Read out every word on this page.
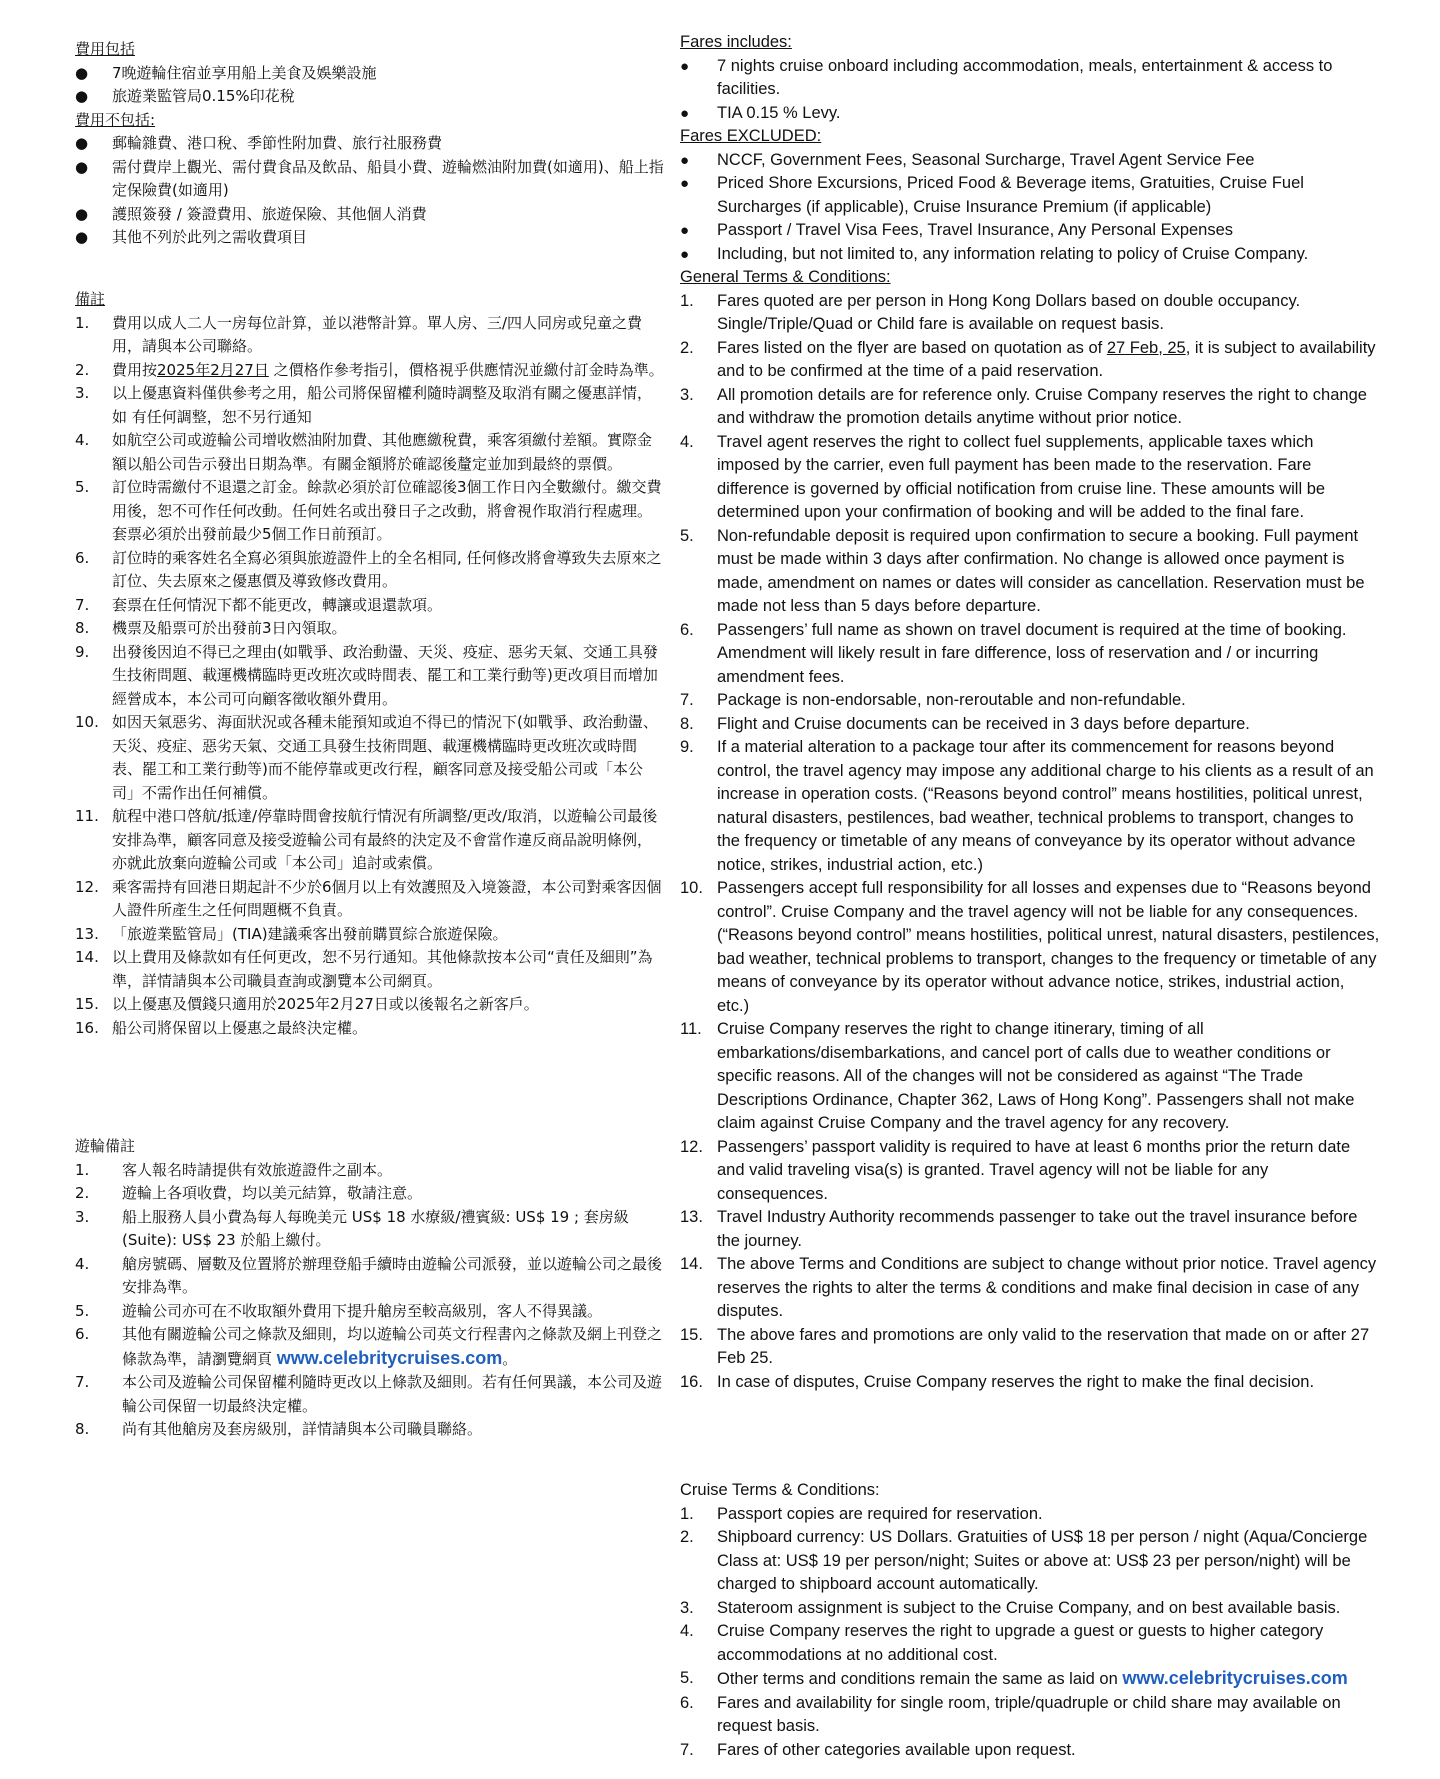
費用包括
● 7晚遊輪住宿並享用船上美食及娛樂設施
● 旅遊業監管局0.15%印花稅
費用不包括:
● 郵輪雜費、港口稅、季節性附加費、旅行社服務費
● 需付費岸上觀光、需付費食品及飲品、船員小費、遊輪燃油附加費(如適用)、船上指定保險費(如適用)
● 護照簽發 / 簽證費用、旅遊保險、其他個人消費
● 其他不列於此列之需收費項目
備註
1. 費用以成人二人一房每位計算，並以港幣計算。單人房、三/四人同房或兒童之費用，請與本公司聯絡。
2. 費用按2025年2月27日 之價格作參考指引，價格視乎供應情況並繳付訂金時為準。
3. 以上優惠資料僅供參考之用，船公司將保留權利隨時調整及取消有關之優惠詳情，如 有任何調整，恕不另行通知
4. 如航空公司或遊輪公司增收燃油附加費、其他應繳稅費，乘客須繳付差額。實際金額以船公司告示發出日期為準。有關金額將於確認後釐定並加到最終的票價。
5. 訂位時需繳付不退還之訂金。餘款必須於訂位確認後3個工作日內全數繳付。繳交費用後，恕不可作任何改動。任何姓名或出發日子之改動，將會視作取消行程處理。套票必須於出發前最少5個工作日前預訂。
6. 訂位時的乘客姓名全寫必須與旅遊證件上的全名相同, 任何修改將會導致失去原來之訂位、失去原來之優惠價及導致修改費用。
7. 套票在任何情況下都不能更改，轉讓或退還款項。
8. 機票及船票可於出發前3日內領取。
9. 出發後因迫不得已之理由(如戰爭、政治動盪、天災、疫症、惡劣天氣、交通工具發生技術問題、載運機構臨時更改班次或時間表、罷工和工業行動等)更改項目而增加經營成本，本公司可向顧客徵收額外費用。
10. 如因天氣惡劣、海面狀況或各種未能預知或迫不得已的情況下(如戰爭、政治動盪、天災、疫症、惡劣天氣、交通工具發生技術問題、載運機構臨時更改班次或時間表、罷工和工業行動等)而不能停靠或更改行程，顧客同意及接受船公司或「本公司」不需作出任何補償。
11. 航程中港口啓航/抵達/停靠時間會按航行情況有所調整/更改/取消，以遊輪公司最後安排為準，顧客同意及接受遊輪公司有最終的決定及不會當作違反商品說明條例，亦就此放棄向遊輪公司或「本公司」追討或索償。
12. 乘客需持有回港日期起計不少於6個月以上有效護照及入境簽證，本公司對乘客因個人證件所產生之任何問題概不負責。
13. 「旅遊業監管局」(TIA)建議乘客出發前購買綜合旅遊保險。
14. 以上費用及條款如有任何更改，恕不另行通知。其他條款按本公司“責任及細則”為準，詳情請與本公司職員查詢或瀏覽本公司網頁。
15. 以上優惠及價錢只適用於2025年2月27日或以後報名之新客戶。
16. 船公司將保留以上優惠之最終決定權。
遊輪備註
1. 客人報名時請提供有效旅遊證件之副本。
2. 遊輪上各項收費，均以美元結算，敬請注意。
3. 船上服務人員小費為每人每晚美元 US$ 18 水療級/禮賓級: US$ 19 ; 套房級(Suite): US$ 23 於船上繳付。
4. 艙房號碼、層數及位置將於辦理登船手續時由遊輪公司派發，並以遊輪公司之最後安排為準。
5. 遊輪公司亦可在不收取額外費用下提升艙房至較高級別，客人不得異議。
6. 其他有關遊輪公司之條款及細則，均以遊輪公司英文行程書內之條款及網上刊登之條款為準，請瀏覽網頁 www.celebritycruises.com。
7. 本公司及遊輪公司保留權利隨時更改以上條款及細則。若有任何異議，本公司及遊輪公司保留一切最終決定權。
8. 尚有其他艙房及套房級別，詳情請與本公司職員聯絡。
Fares includes:
● 7 nights cruise onboard including accommodation, meals, entertainment & access to facilities.
● TIA 0.15 % Levy.
Fares EXCLUDED:
● NCCF, Government Fees, Seasonal Surcharge, Travel Agent Service Fee
● Priced Shore Excursions, Priced Food & Beverage items, Gratuities, Cruise Fuel Surcharges (if applicable), Cruise Insurance Premium (if applicable)
● Passport / Travel Visa Fees, Travel Insurance, Any Personal Expenses
● Including, but not limited to, any information relating to policy of Cruise Company.
General Terms & Conditions:
1. Fares quoted are per person in Hong Kong Dollars based on double occupancy. Single/Triple/Quad or Child fare is available on request basis.
2. Fares listed on the flyer are based on quotation as of 27 Feb, 25, it is subject to availability and to be confirmed at the time of a paid reservation.
3. All promotion details are for reference only. Cruise Company reserves the right to change and withdraw the promotion details anytime without prior notice.
4. Travel agent reserves the right to collect fuel supplements, applicable taxes which imposed by the carrier, even full payment has been made to the reservation. Fare difference is governed by official notification from cruise line. These amounts will be determined upon your confirmation of booking and will be added to the final fare.
5. Non-refundable deposit is required upon confirmation to secure a booking. Full payment must be made within 3 days after confirmation. No change is allowed once payment is made, amendment on names or dates will consider as cancellation. Reservation must be made not less than 5 days before departure.
6. Passengers’ full name as shown on travel document is required at the time of booking. Amendment will likely result in fare difference, loss of reservation and / or incurring amendment fees.
7. Package is non-endorsable, non-reroutable and non-refundable.
8. Flight and Cruise documents can be received in 3 days before departure.
9. If a material alteration to a package tour after its commencement for reasons beyond control, the travel agency may impose any additional charge to his clients as a result of an increase in operation costs. (“Reasons beyond control” means hostilities, political unrest, natural disasters, pestilences, bad weather, technical problems to transport, changes to the frequency or timetable of any means of conveyance by its operator without advance notice, strikes, industrial action, etc.)
10. Passengers accept full responsibility for all losses and expenses due to “Reasons beyond control”. Cruise Company and the travel agency will not be liable for any consequences. (“Reasons beyond control” means hostilities, political unrest, natural disasters, pestilences, bad weather, technical problems to transport, changes to the frequency or timetable of any means of conveyance by its operator without advance notice, strikes, industrial action, etc.)
11. Cruise Company reserves the right to change itinerary, timing of all embarkations/disembarkations, and cancel port of calls due to weather conditions or specific reasons. All of the changes will not be considered as against “The Trade Descriptions Ordinance, Chapter 362, Laws of Hong Kong”. Passengers shall not make claim against Cruise Company and the travel agency for any recovery.
12. Passengers’ passport validity is required to have at least 6 months prior the return date and valid traveling visa(s) is granted. Travel agency will not be liable for any consequences.
13. Travel Industry Authority recommends passenger to take out the travel insurance before the journey.
14. The above Terms and Conditions are subject to change without prior notice. Travel agency reserves the rights to alter the terms & conditions and make final decision in case of any disputes.
15. The above fares and promotions are only valid to the reservation that made on or after 27 Feb 25.
16. In case of disputes, Cruise Company reserves the right to make the final decision.
Cruise Terms & Conditions:
1. Passport copies are required for reservation.
2. Shipboard currency: US Dollars. Gratuities of US$ 18 per person / night (Aqua/Concierge Class at: US$ 19 per person/night; Suites or above at: US$ 23 per person/night) will be charged to shipboard account automatically.
3. Stateroom assignment is subject to the Cruise Company, and on best available basis.
4. Cruise Company reserves the right to upgrade a guest or guests to higher category accommodations at no additional cost.
5. Other terms and conditions remain the same as laid on www.celebritycruises.com
6. Fares and availability for single room, triple/quadruple or child share may available on request basis.
7. Fares of other categories available upon request.
